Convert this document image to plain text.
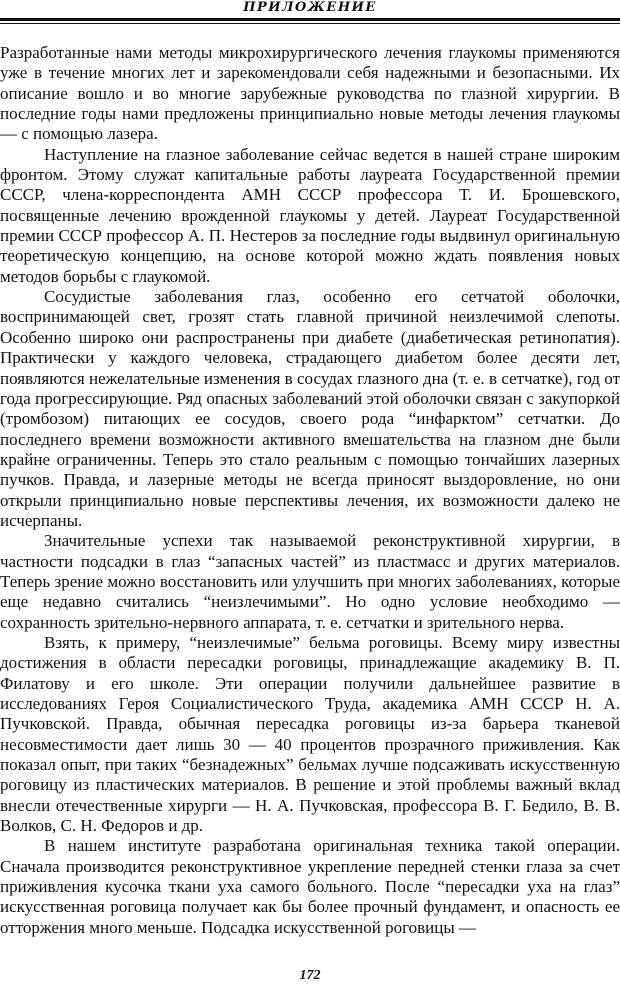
ПРИЛОЖЕНИЕ

Разработанные нами методы микрохирургического лечения глаукомы применяются уже в течение многих лет и зарекомендовали себя надежными и безопасными. Их описание вошло и во многие зарубежные руководства по глазной хирургии. В последние годы нами предложены принципиально новые методы лечения глаукомы — с помощью лазера.

Наступление на глазное заболевание сейчас ведется в нашей стране широким фронтом. Этому служат капитальные работы лауреата Государственной премии СССР, члена-корреспондента АМН СССР профессора Т. И. Брошевского, посвященные лечению врожденной глаукомы у детей. Лауреат Государственной премии СССР профессор А. П. Нестеров за последние годы выдвинул оригинальную теоретическую концепцию, на основе которой можно ждать появления новых методов борьбы с глаукомой.

Сосудистые заболевания глаз, особенно его сетчатой оболочки, воспринимающей свет, грозят стать главной причиной неизлечимой слепоты. Особенно широко они распространены при диабете (диабетическая ретинопатия). Практически у каждого человека, страдающего диабетом более десяти лет, появляются нежелательные изменения в сосудах глазного дна (т. е. в сетчатке), год от года прогрессирующие. Ряд опасных заболеваний этой оболочки связан с закупоркой (тромбозом) питающих ее сосудов, своего рода “инфарктом” сетчатки. До последнего времени возможности активного вмешательства на глазном дне были крайне ограниченны. Теперь это стало реальным с помощью тончайших лазерных пучков. Правда, и лазерные методы не всегда приносят выздоровление, но они открыли принципиально новые перспективы лечения, их возможности далеко не исчерпаны.

Значительные успехи так называемой реконструктивной хирургии, в частности подсадки в глаз “запасных частей” из пластмасс и других материалов. Теперь зрение можно восстановить или улучшить при многих заболеваниях, которые еще недавно считались “неизлечимыми”. Но одно условие необходимо — сохранность зрительно-нервного аппарата, т. е. сетчатки и зрительного нерва.

Взять, к примеру, “неизлечимые” бельма роговицы. Всему миру известны достижения в области пересадки роговицы, принадлежащие академику В. П. Филатову и его школе. Эти операции получили дальнейшее развитие в исследованиях Героя Социалистического Труда, академика АМН СССР Н. А. Пучковской. Правда, обычная пересадка роговицы из-за барьера тканевой несовместимости дает лишь 30 — 40 процентов прозрачного приживления. Как показал опыт, при таких “безнадежных” бельмах лучше подсаживать искусственную роговицу из пластических материалов. В решение и этой проблемы важный вклад внесли отечественные хирурги — Н. А. Пучковская, профессора В. Г. Бедило, В. В. Волков, С. Н. Федоров и др.

В нашем институте разработана оригинальная техника такой операции. Сначала производится реконструктивное укрепление передней стенки глаза за счет приживления кусочка ткани уха самого больного. После “пересадки уха на глаз” искусственная роговица получает как бы более прочный фундамент, и опасность ее отторжения много меньше. Подсадка искусственной роговицы —

172
